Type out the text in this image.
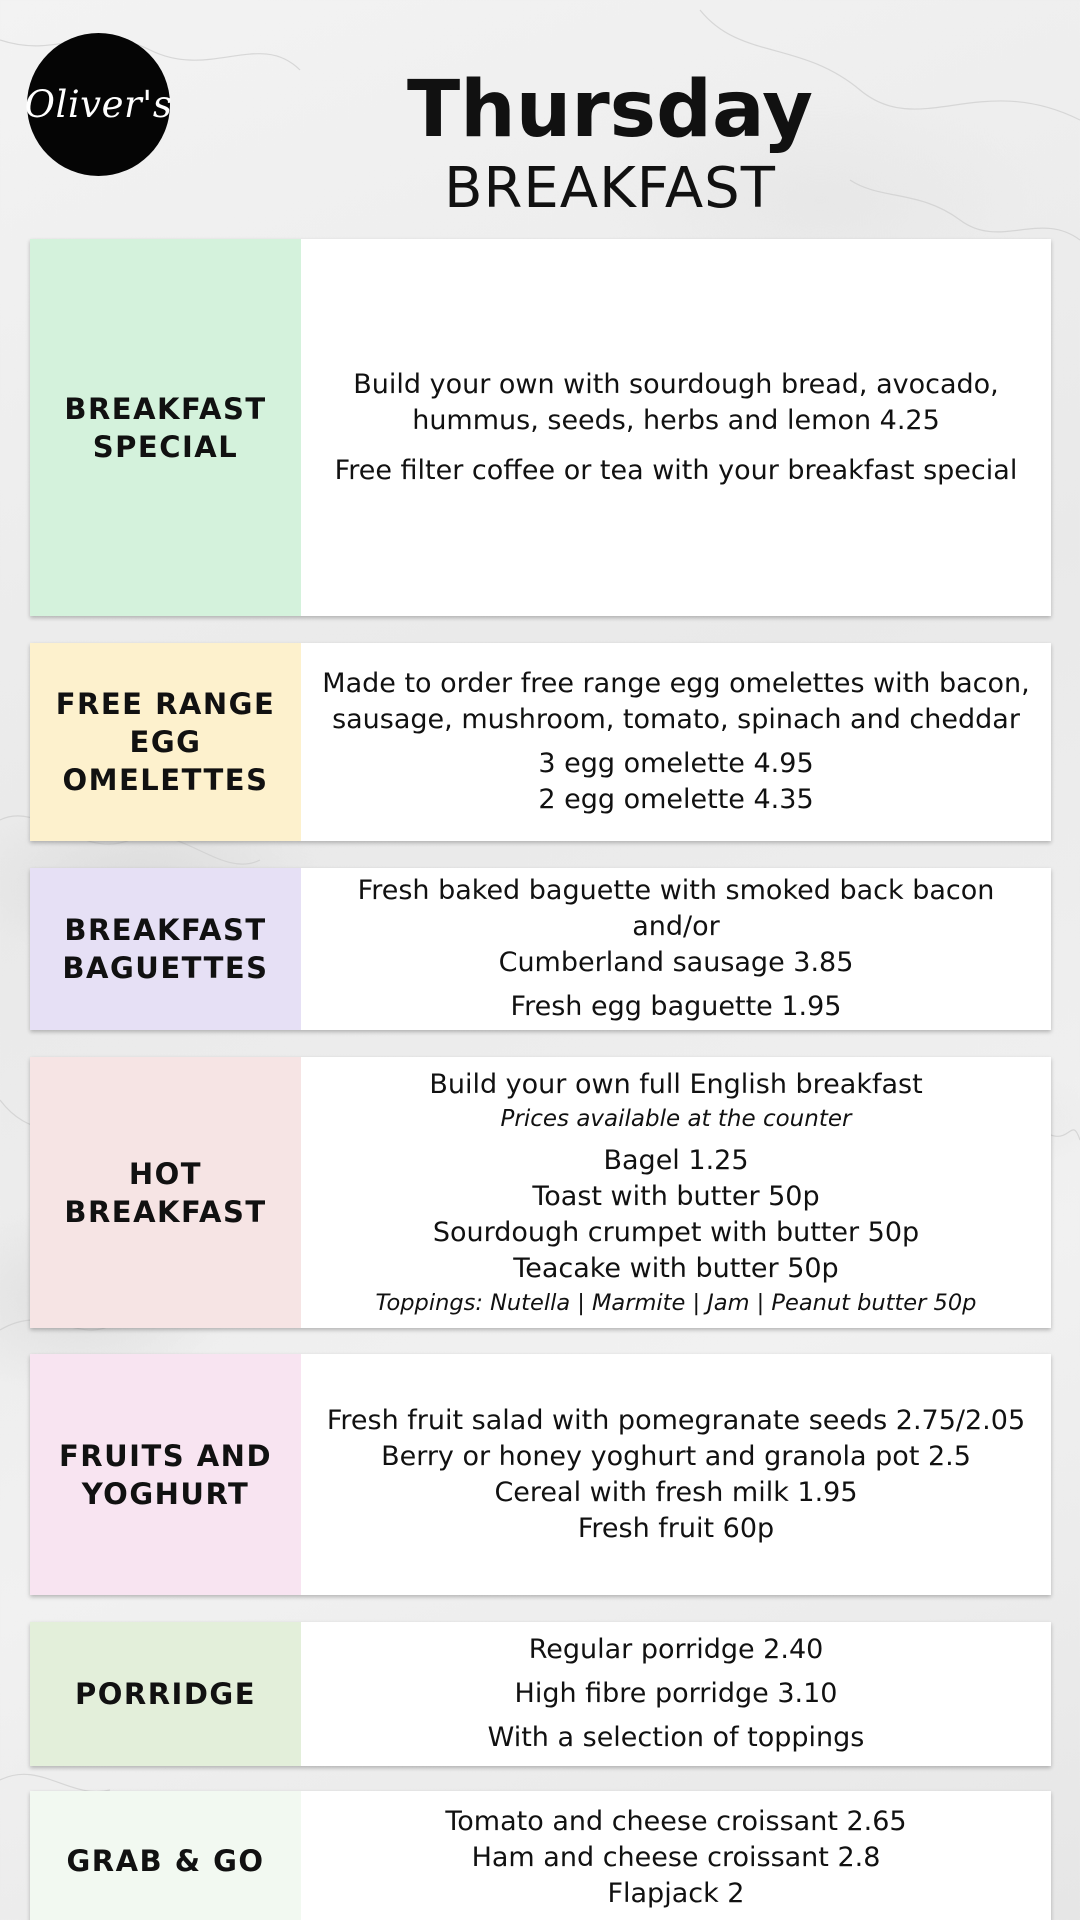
Oliver's	Thursday
BREAKFAST
BREAKFAST
SPECIAL
Build your own with sourdough bread, avocado,
hummus, seeds, herbs and lemon 4.25
Free filter coffee or tea with your breakfast special
FREE RANGE
EGG
OMELETTES
Made to order free range egg omelettes with bacon,
sausage, mushroom, tomato, spinach and cheddar
3 egg omelette 4.95
2 egg omelette 4.35
BREAKFAST
BAGUETTES
Fresh baked baguette with smoked back bacon and/or
Cumberland sausage 3.85
Fresh egg baguette 1.95
HOT
BREAKFAST
Build your own full English breakfast
Prices available at the counter
Bagel 1.25
Toast with butter 50p
Sourdough crumpet with butter 50p
Teacake with butter 50p
Toppings: Nutella | Marmite | Jam | Peanut butter 50p
FRUITS AND
YOGHURT
Fresh fruit salad with pomegranate seeds 2.75/2.05
Berry or honey yoghurt and granola pot 2.5
Cereal with fresh milk 1.95
Fresh fruit 60p
PORRIDGE
Regular porridge 2.40
High fibre porridge 3.10
With a selection of toppings
GRAB & GO
Tomato and cheese croissant 2.65
Ham and cheese croissant 2.8
Flapjack 2
